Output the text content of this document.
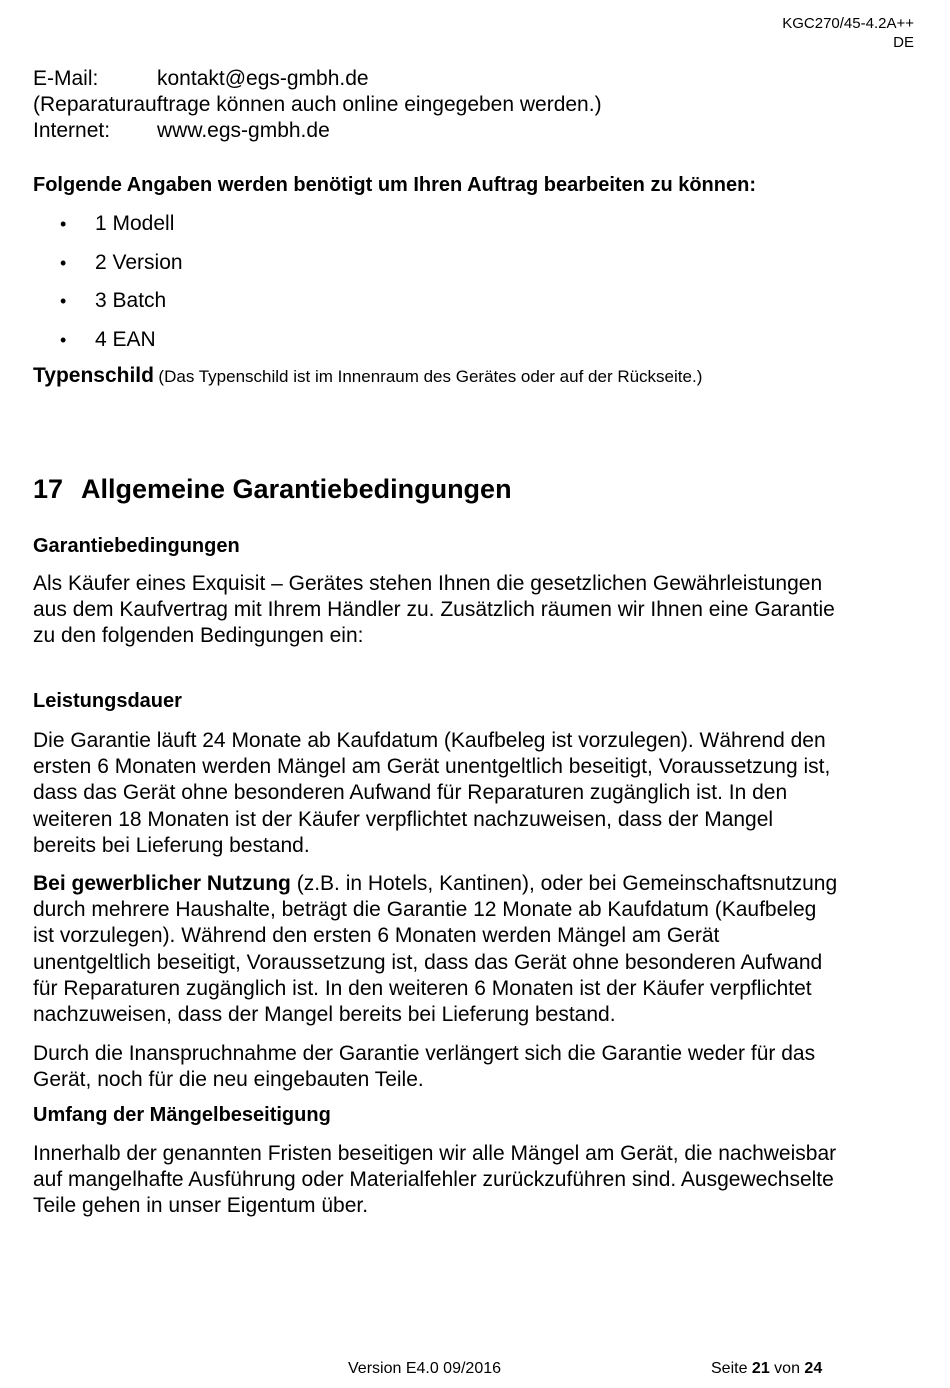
KGC270/45-4.2A++
DE
E-Mail:	kontakt@egs-gmbh.de
(Reparaturauftrage können auch online eingegeben werden.)
Internet: www.egs-gmbh.de
Folgende Angaben werden benötigt um Ihren Auftrag bearbeiten zu können:
• 1 Modell
• 2 Version
• 3 Batch
• 4 EAN
Typenschild (Das Typenschild ist im Innenraum des Gerätes oder auf der Rückseite.)
17 Allgemeine Garantiebedingungen
Garantiebedingungen
Als Käufer eines Exquisit – Gerätes stehen Ihnen die gesetzlichen Gewährleistungen
aus dem Kaufvertrag mit Ihrem Händler zu. Zusätzlich räumen wir Ihnen eine Garantie
zu den folgenden Bedingungen ein:
Leistungsdauer
Die Garantie läuft 24 Monate ab Kaufdatum (Kaufbeleg ist vorzulegen). Während den
ersten 6 Monaten werden Mängel am Gerät unentgeltlich beseitigt, Voraussetzung ist,
dass das Gerät ohne besonderen Aufwand für Reparaturen zugänglich ist. In den
weiteren 18 Monaten ist der Käufer verpflichtet nachzuweisen, dass der Mangel
bereits bei Lieferung bestand.
Bei gewerblicher Nutzung (z.B. in Hotels, Kantinen), oder bei Gemeinschaftsnutzung
durch mehrere Haushalte, beträgt die Garantie 12 Monate ab Kaufdatum (Kaufbeleg
ist vorzulegen). Während den ersten 6 Monaten werden Mängel am Gerät
unentgeltlich beseitigt, Voraussetzung ist, dass das Gerät ohne besonderen Aufwand
für Reparaturen zugänglich ist. In den weiteren 6 Monaten ist der Käufer verpflichtet
nachzuweisen, dass der Mangel bereits bei Lieferung bestand.
Durch die Inanspruchnahme der Garantie verlängert sich die Garantie weder für das
Gerät, noch für die neu eingebauten Teile.
Umfang der Mängelbeseitigung
Innerhalb der genannten Fristen beseitigen wir alle Mängel am Gerät, die nachweisbar
auf mangelhafte Ausführung oder Materialfehler zurückzuführen sind. Ausgewechselte
Teile gehen in unser Eigentum über.
Version E4.0 09/2016	Seite 21 von 24
